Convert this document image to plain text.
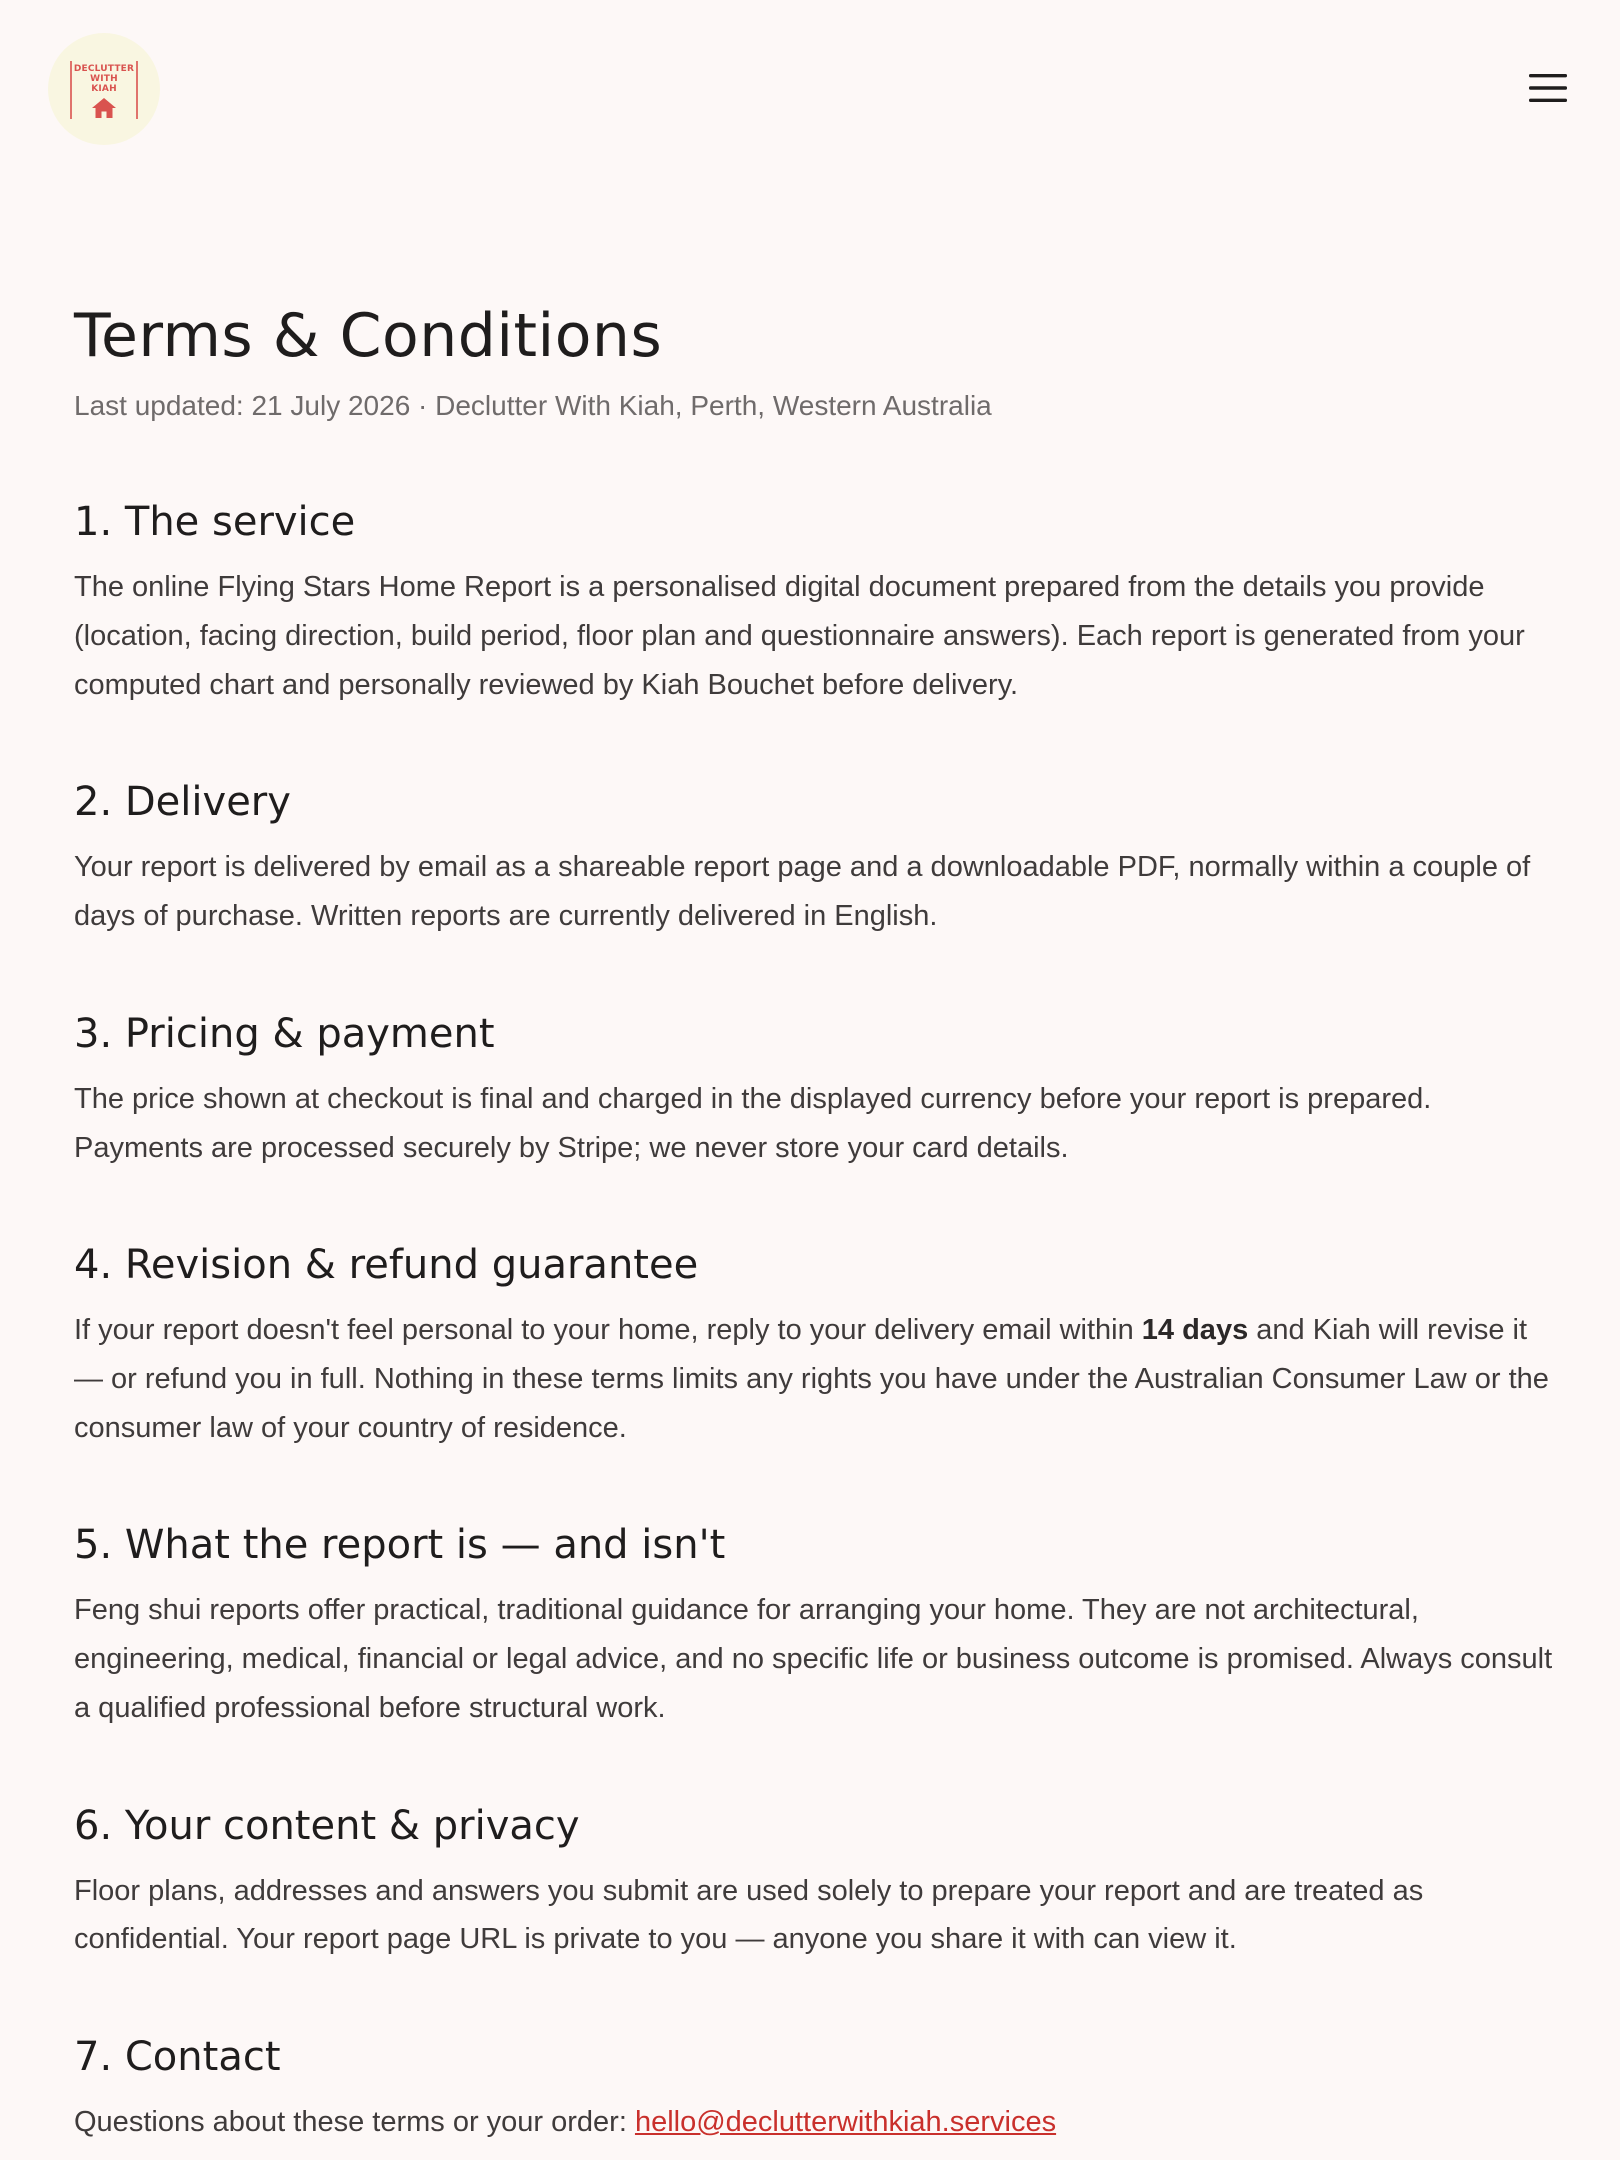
DECLUTTER
WITH
KIAH
Terms & Conditions
Last updated: 21 July 2026 · Declutter With Kiah, Perth, Western Australia
1. The service

The online Flying Stars Home Report is a personalised digital document prepared from the details you provide (location, facing direction, build period, floor plan and questionnaire answers). Each report is generated from your computed chart and personally reviewed by Kiah Bouchet before delivery.

2. Delivery

Your report is delivered by email as a shareable report page and a downloadable PDF, normally within a couple of days of purchase. Written reports are currently delivered in English.

3. Pricing & payment

The price shown at checkout is final and charged in the displayed currency before your report is prepared. Payments are processed securely by Stripe; we never store your card details.

4. Revision & refund guarantee

If your report doesn't feel personal to your home, reply to your delivery email within 14 days and Kiah will revise it — or refund you in full. Nothing in these terms limits any rights you have under the Australian Consumer Law or the consumer law of your country of residence.

5. What the report is — and isn't

Feng shui reports offer practical, traditional guidance for arranging your home. They are not architectural, engineering, medical, financial or legal advice, and no specific life or business outcome is promised. Always consult a qualified professional before structural work.

6. Your content & privacy

Floor plans, addresses and answers you submit are used solely to prepare your report and are treated as confidential. Your report page URL is private to you — anyone you share it with can view it.

7. Contact

Questions about these terms or your order: hello@declutterwithkiah.services
